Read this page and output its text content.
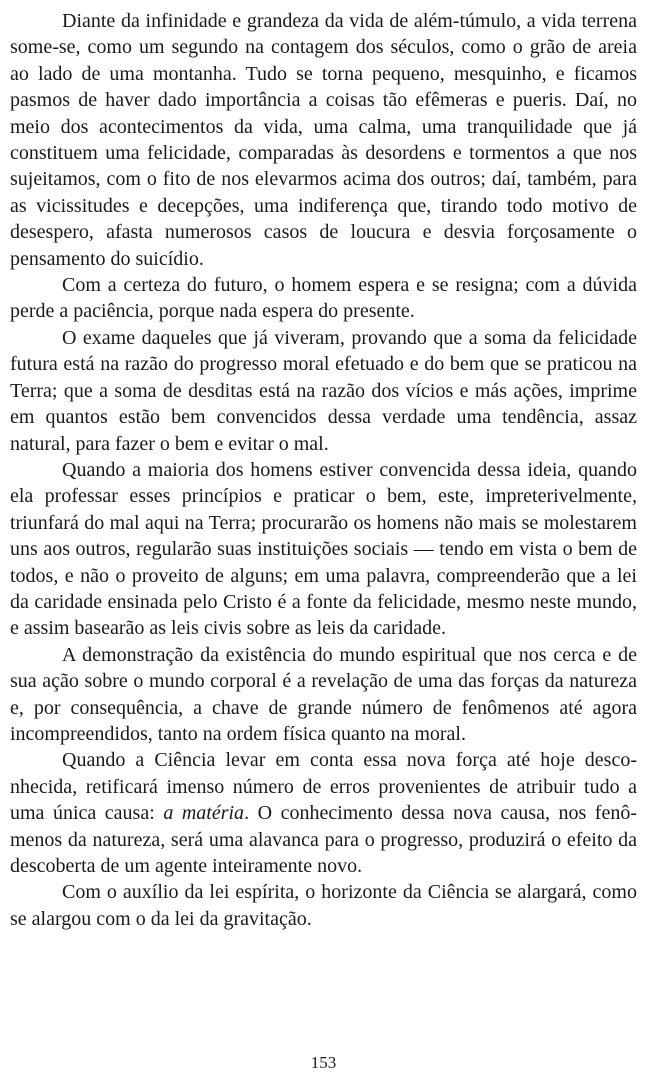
Diante da infinidade e grandeza da vida de além-túmulo, a vida terrena some-se, como um segundo na contagem dos séculos, como o grão de areia ao lado de uma montanha. Tudo se torna pequeno, mesquinho, e ficamos pasmos de haver dado importância a coisas tão efêmeras e pueris. Daí, no meio dos acontecimentos da vida, uma calma, uma tranquilidade que já constituem uma felicidade, comparadas às desordens e tormentos a que nos sujeitamos, com o fito de nos elevarmos acima dos outros; daí, também, para as vicissitudes e decepções, uma indiferença que, tirando todo motivo de desespero, afasta numerosos casos de loucura e desvia forçosamente o pensamento do suicídio.

Com a certeza do futuro, o homem espera e se resigna; com a dúvida perde a paciência, porque nada espera do presente.

O exame daqueles que já viveram, provando que a soma da felicidade futura está na razão do progresso moral efetuado e do bem que se praticou na Terra; que a soma de desditas está na razão dos vícios e más ações, imprime em quantos estão bem convencidos dessa verdade uma tendência, assaz natural, para fazer o bem e evitar o mal.

Quando a maioria dos homens estiver convencida dessa ideia, quando ela professar esses princípios e praticar o bem, este, impreterivelmente, triunfará do mal aqui na Terra; procurarão os homens não mais se molestarem uns aos outros, regularão suas instituições sociais — tendo em vista o bem de todos, e não o proveito de alguns; em uma palavra, compreenderão que a lei da caridade ensinada pelo Cristo é a fonte da felicidade, mesmo neste mundo, e assim basearão as leis civis sobre as leis da caridade.

A demonstração da existência do mundo espiritual que nos cerca e de sua ação sobre o mundo corporal é a revelação de uma das forças da natureza e, por consequência, a chave de grande número de fenômenos até agora incompreendidos, tanto na ordem física quanto na moral.

Quando a Ciência levar em conta essa nova força até hoje desconhecida, retificará imenso número de erros provenientes de atribuir tudo a uma única causa: a matéria. O conhecimento dessa nova causa, nos fenômenos da natureza, será uma alavanca para o progresso, produzirá o efeito da descoberta de um agente inteiramente novo.

Com o auxílio da lei espírita, o horizonte da Ciência se alargará, como se alargou com o da lei da gravitação.

153
